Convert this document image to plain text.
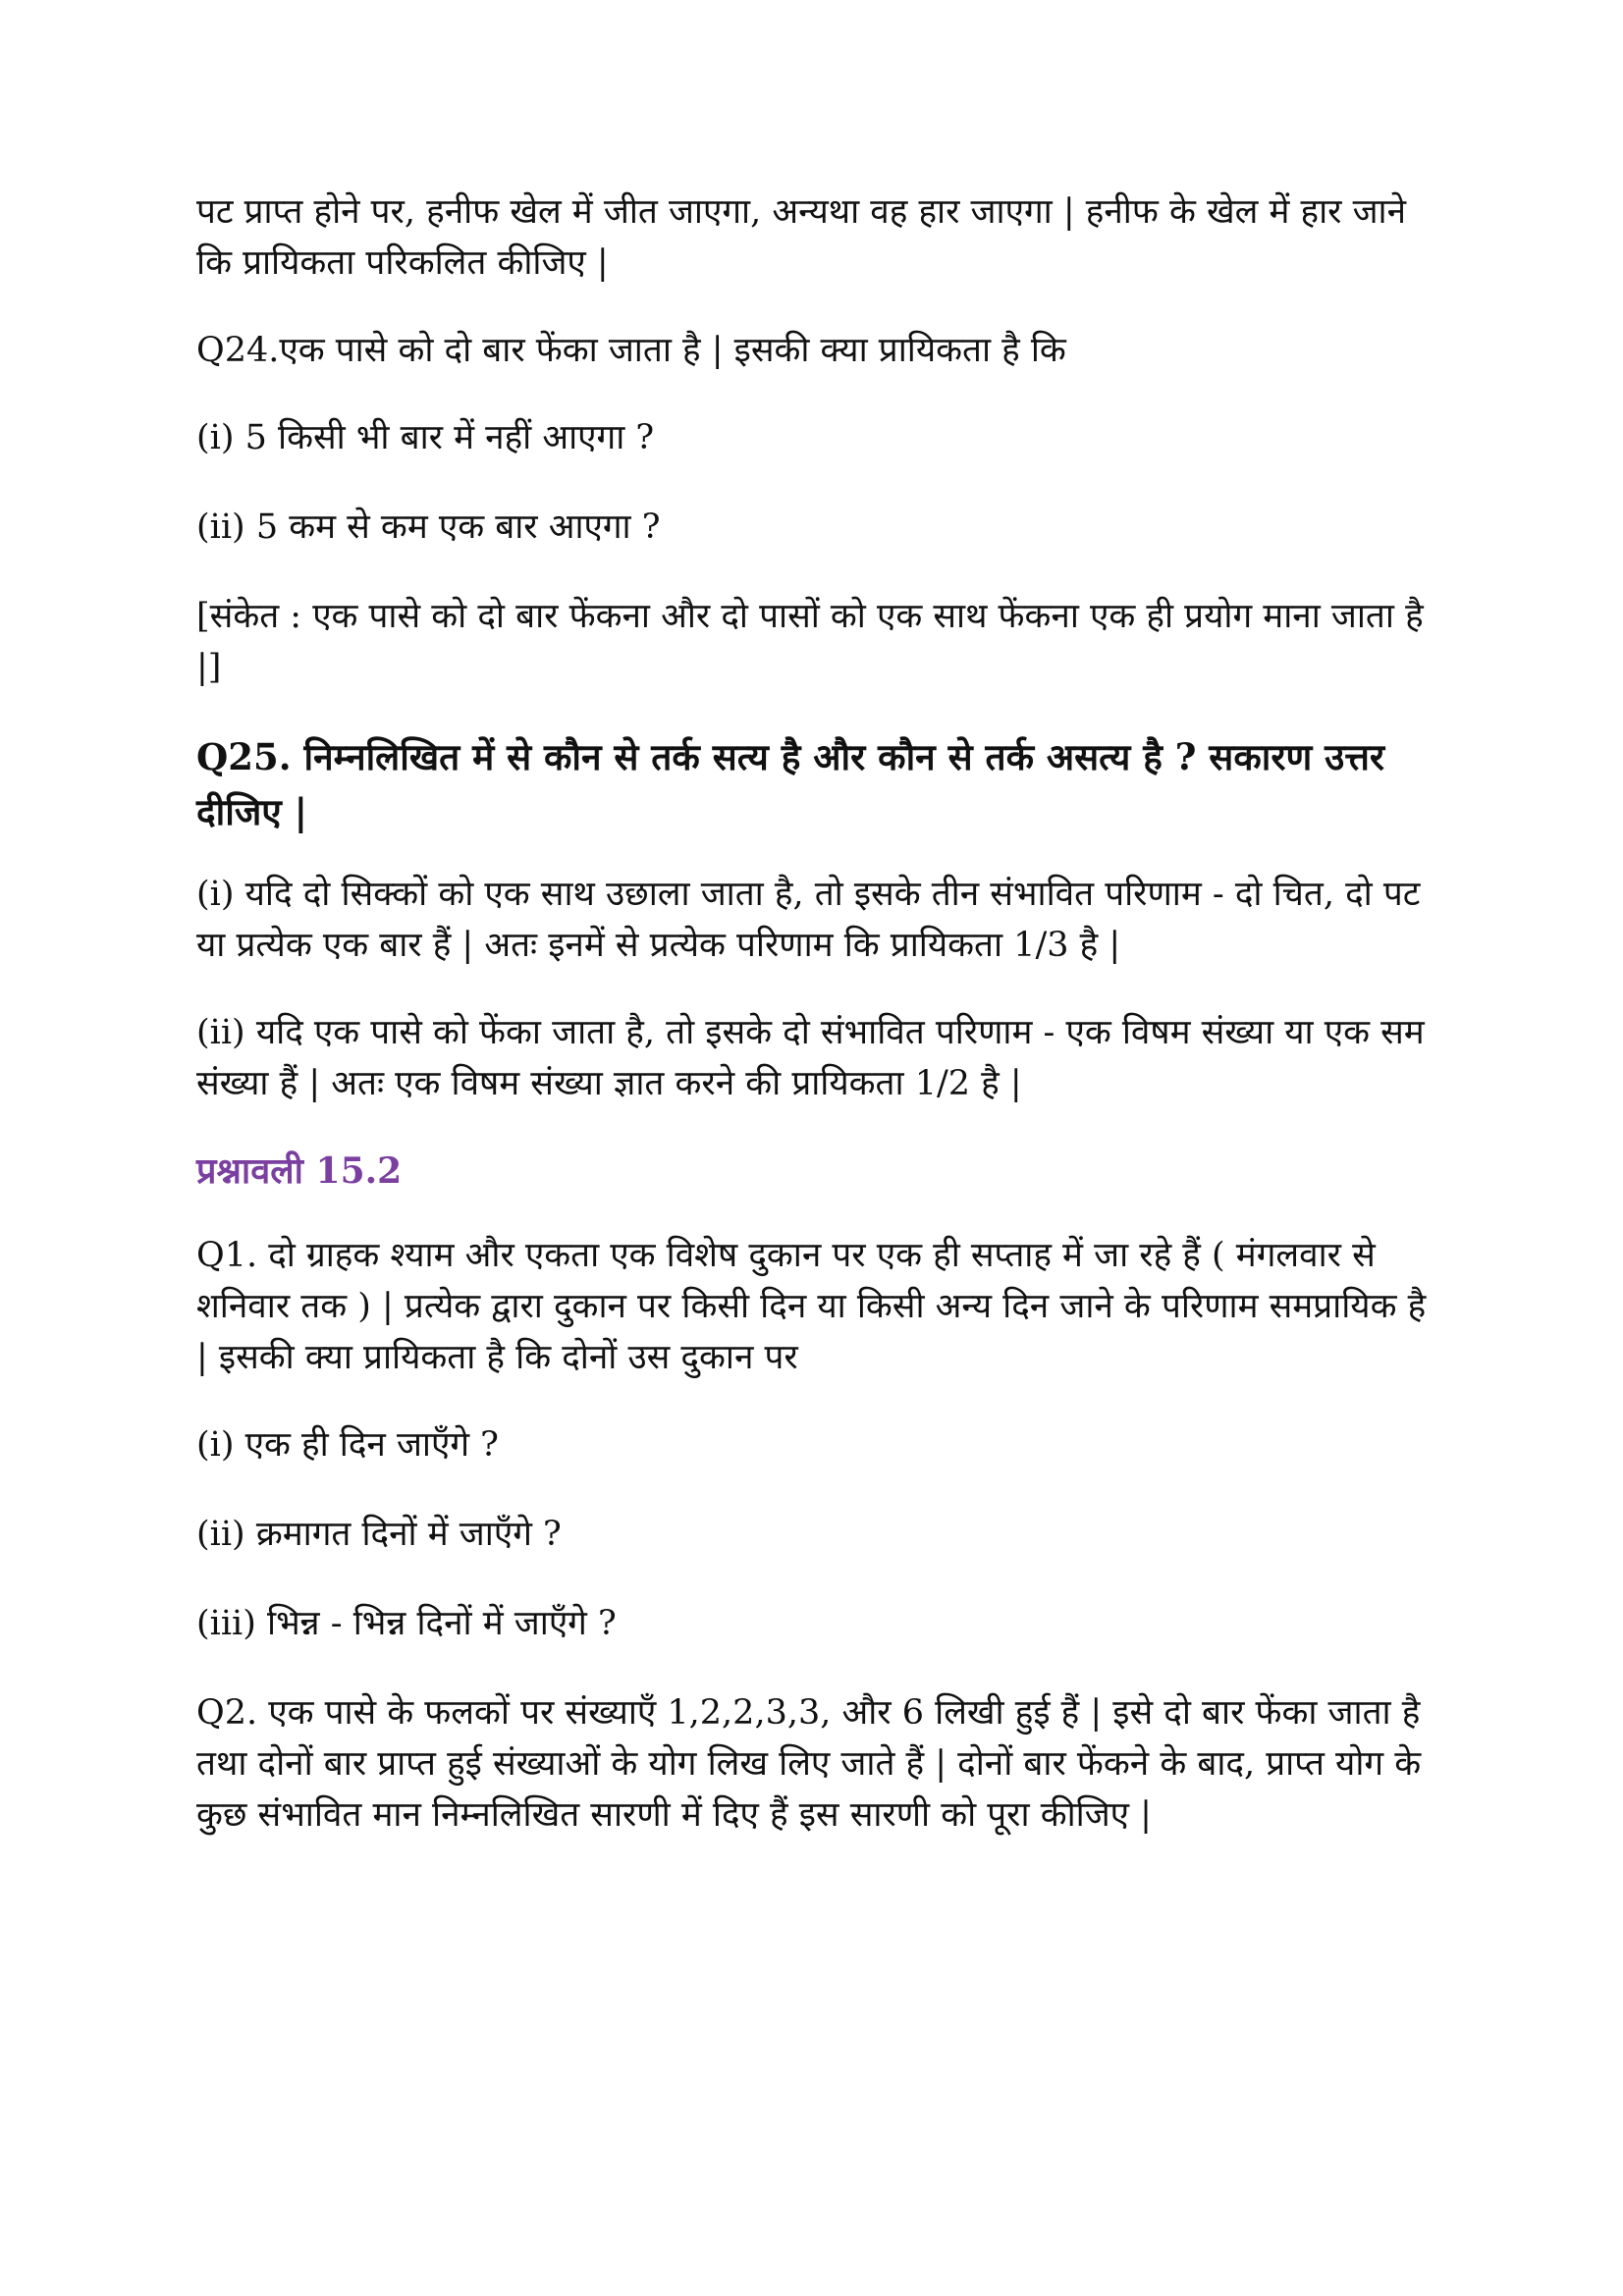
पट प्राप्त होने पर, हनीफ खेल में जीत जाएगा, अन्यथा वह हार जाएगा | हनीफ के खेल में हार जाने कि प्रायिकता परिकलित कीजिए |

Q24.एक पासे को दो बार फेंका जाता है | इसकी क्या प्रायिकता है कि

(i) 5 किसी भी बार में नहीं आएगा ?

(ii) 5 कम से कम एक बार आएगा ?

[संकेत : एक पासे को दो बार फेंकना और दो पासों को एक साथ फेंकना एक ही प्रयोग माना जाता है |]

Q25. निम्नलिखित में से कौन से तर्क सत्य है और कौन से तर्क असत्य है ? सकारण उत्तर दीजिए |

(i) यदि दो सिक्कों को एक साथ उछाला जाता है, तो इसके तीन संभावित परिणाम - दो चित, दो पट या प्रत्येक एक बार हैं | अतः इनमें से प्रत्येक परिणाम कि प्रायिकता 1/3 है |

(ii) यदि एक पासे को फेंका जाता है, तो इसके दो संभावित परिणाम - एक विषम संख्या या एक सम संख्या हैं | अतः एक विषम संख्या ज्ञात करने की प्रायिकता 1/2 है |

प्रश्नावली 15.2

Q1. दो ग्राहक श्याम और एकता एक विशेष दुकान पर एक ही सप्ताह में जा रहे हैं ( मंगलवार से शनिवार तक ) | प्रत्येक द्वारा दुकान पर किसी दिन या किसी अन्य दिन जाने के परिणाम समप्रायिक है | इसकी क्या प्रायिकता है कि दोनों उस दुकान पर

(i) एक ही दिन जाएँगे ?

(ii) क्रमागत दिनों में जाएँगे ?

(iii) भिन्न - भिन्न दिनों में जाएँगे ?

Q2. एक पासे के फलकों पर संख्याएँ 1,2,2,3,3, और 6 लिखी हुई हैं | इसे दो बार फेंका जाता है तथा दोनों बार प्राप्त हुई संख्याओं के योग लिख लिए जाते हैं | दोनों बार फेंकने के बाद, प्राप्त योग के कुछ संभावित मान निम्नलिखित सारणी में दिए हैं इस सारणी को पूरा कीजिए |
